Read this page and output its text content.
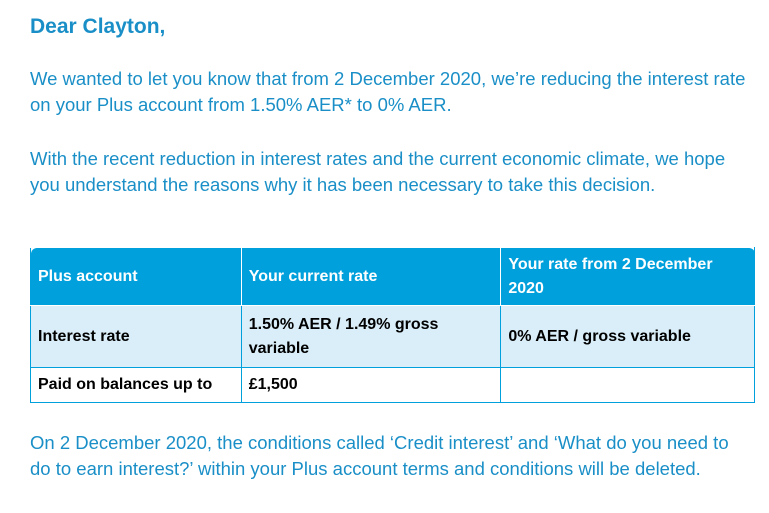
Dear Clayton,

We wanted to let you know that from 2 December 2020, we’re reducing the interest rate on your Plus account from 1.50% AER* to 0% AER.

With the recent reduction in interest rates and the current economic climate, we hope you understand the reasons why it has been necessary to take this decision.

Plus account	Your current rate	Your rate from 2 December 2020
Interest rate	1.50% AER / 1.49% gross variable	0% AER / gross variable
Paid on balances up to	£1,500	

On 2 December 2020, the conditions called ‘Credit interest’ and ‘What do you need to do to earn interest?’ within your Plus account terms and conditions will be deleted.
